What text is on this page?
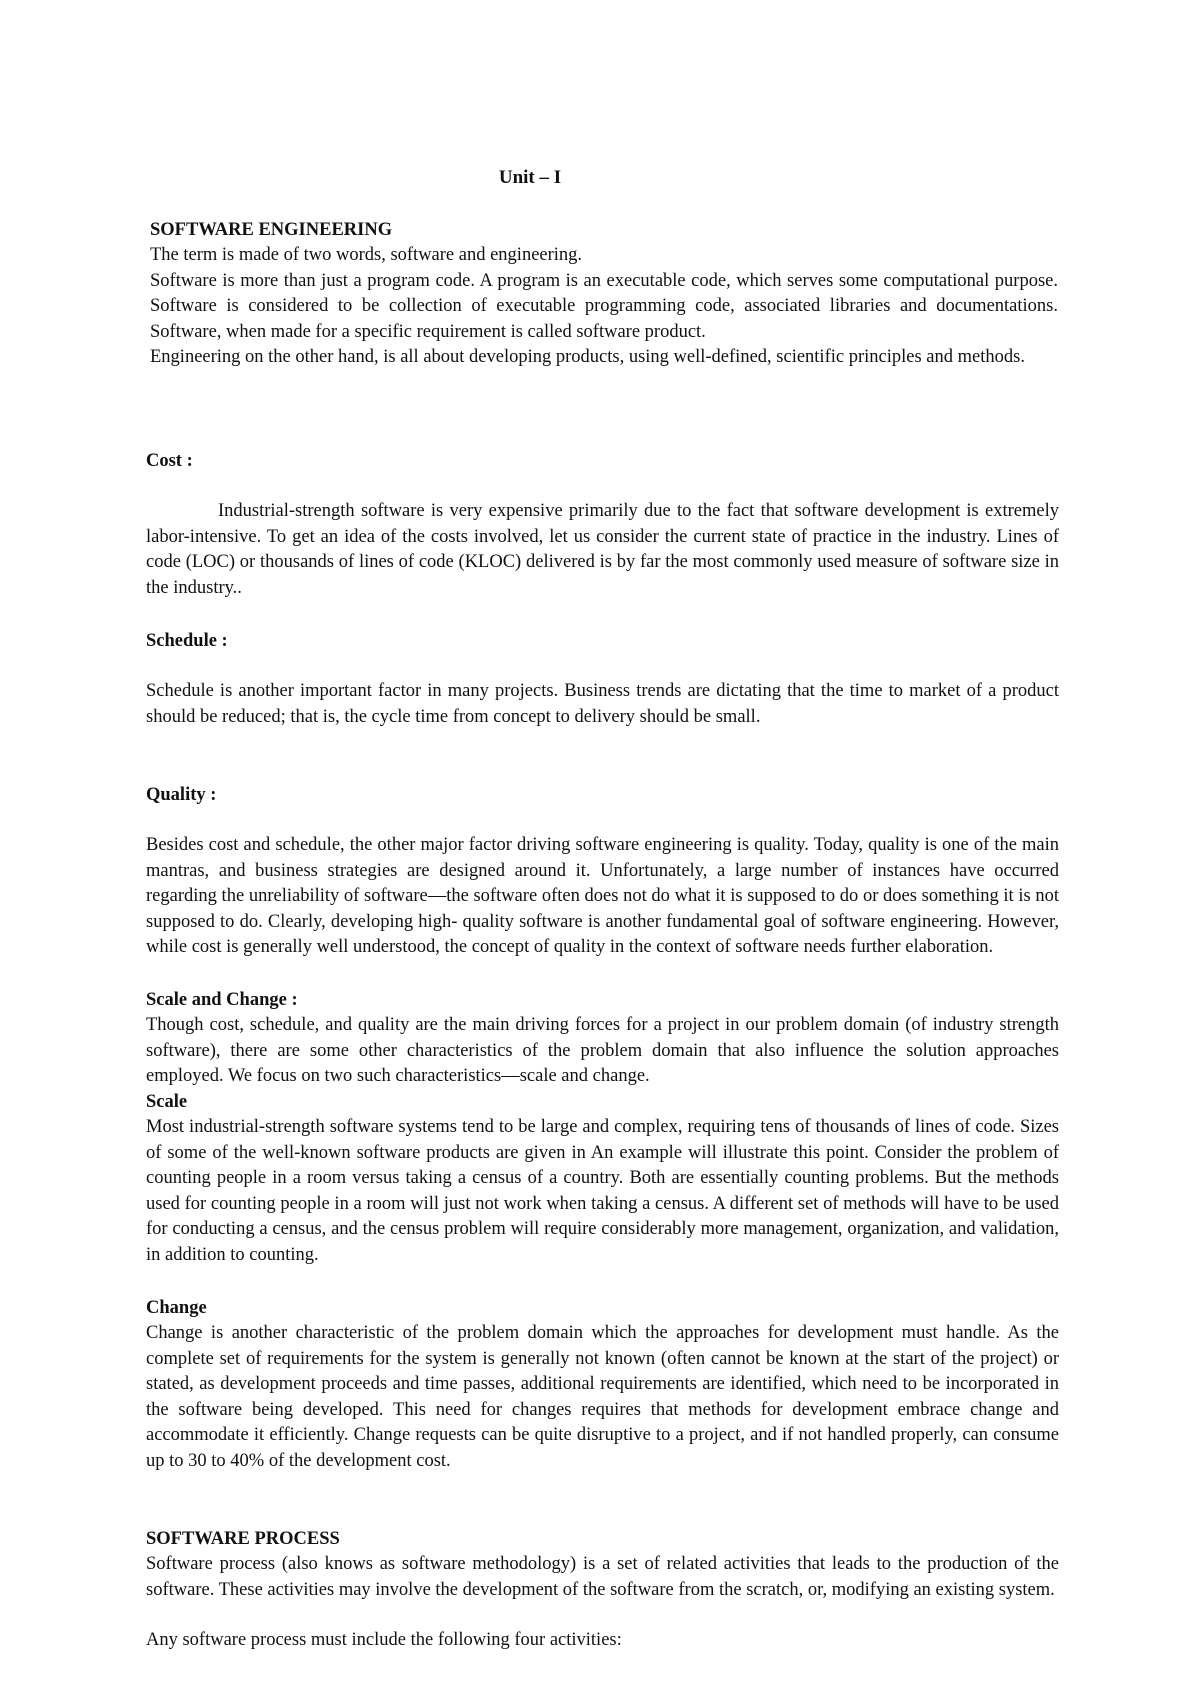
Unit – I

SOFTWARE ENGINEERING

The term is made of two words, software and engineering.

Software is more than just a program code. A program is an executable code, which serves some computational purpose. Software is considered to be collection of executable programming code, associated libraries and documentations. Software, when made for a specific requirement is called software product.

Engineering on the other hand, is all about developing products, using well-defined, scientific principles and methods.

Cost :

Industrial-strength software is very expensive primarily due to the fact that software development is extremely labor-intensive. To get an idea of the costs involved, let us consider the current state of practice in the industry. Lines of code (LOC) or thousands of lines of code (KLOC) delivered is by far the most commonly used measure of software size in the industry..

Schedule :

Schedule is another important factor in many projects. Business trends are dictating that the time to market of a product should be reduced; that is, the cycle time from concept to delivery should be small.

Quality :

Besides cost and schedule, the other major factor driving software engineering is quality. Today, quality is one of the main mantras, and business strategies are designed around it. Unfortunately, a large number of instances have occurred regarding the unreliability of software—the software often does not do what it is supposed to do or does something it is not supposed to do. Clearly, developing high- quality software is another fundamental goal of software engineering. However, while cost is generally well understood, the concept of quality in the context of software needs further elaboration.

Scale and Change :

Though cost, schedule, and quality are the main driving forces for a project in our problem domain (of industry strength software), there are some other characteristics of the problem domain that also influence the solution approaches employed. We focus on two such characteristics—scale and change.

Scale

Most industrial-strength software systems tend to be large and complex, requiring tens of thousands of lines of code. Sizes of some of the well-known software products are given in An example will illustrate this point. Consider the problem of counting people in a room versus taking a census of a country. Both are essentially counting problems. But the methods used for counting people in a room will just not work when taking a census. A different set of methods will have to be used for conducting a census, and the census problem will require considerably more management, organization, and validation, in addition to counting.

Change

Change is another characteristic of the problem domain which the approaches for development must handle. As the complete set of requirements for the system is generally not known (often cannot be known at the start of the project) or stated, as development proceeds and time passes, additional requirements are identified, which need to be incorporated in the software being developed. This need for changes requires that methods for development embrace change and accommodate it efficiently. Change requests can be quite disruptive to a project, and if not handled properly, can consume up to 30 to 40% of the development cost.

SOFTWARE PROCESS

Software process (also knows as software methodology) is a set of related activities that leads to the production of the software. These activities may involve the development of the software from the scratch, or, modifying an existing system.

Any software process must include the following four activities:
